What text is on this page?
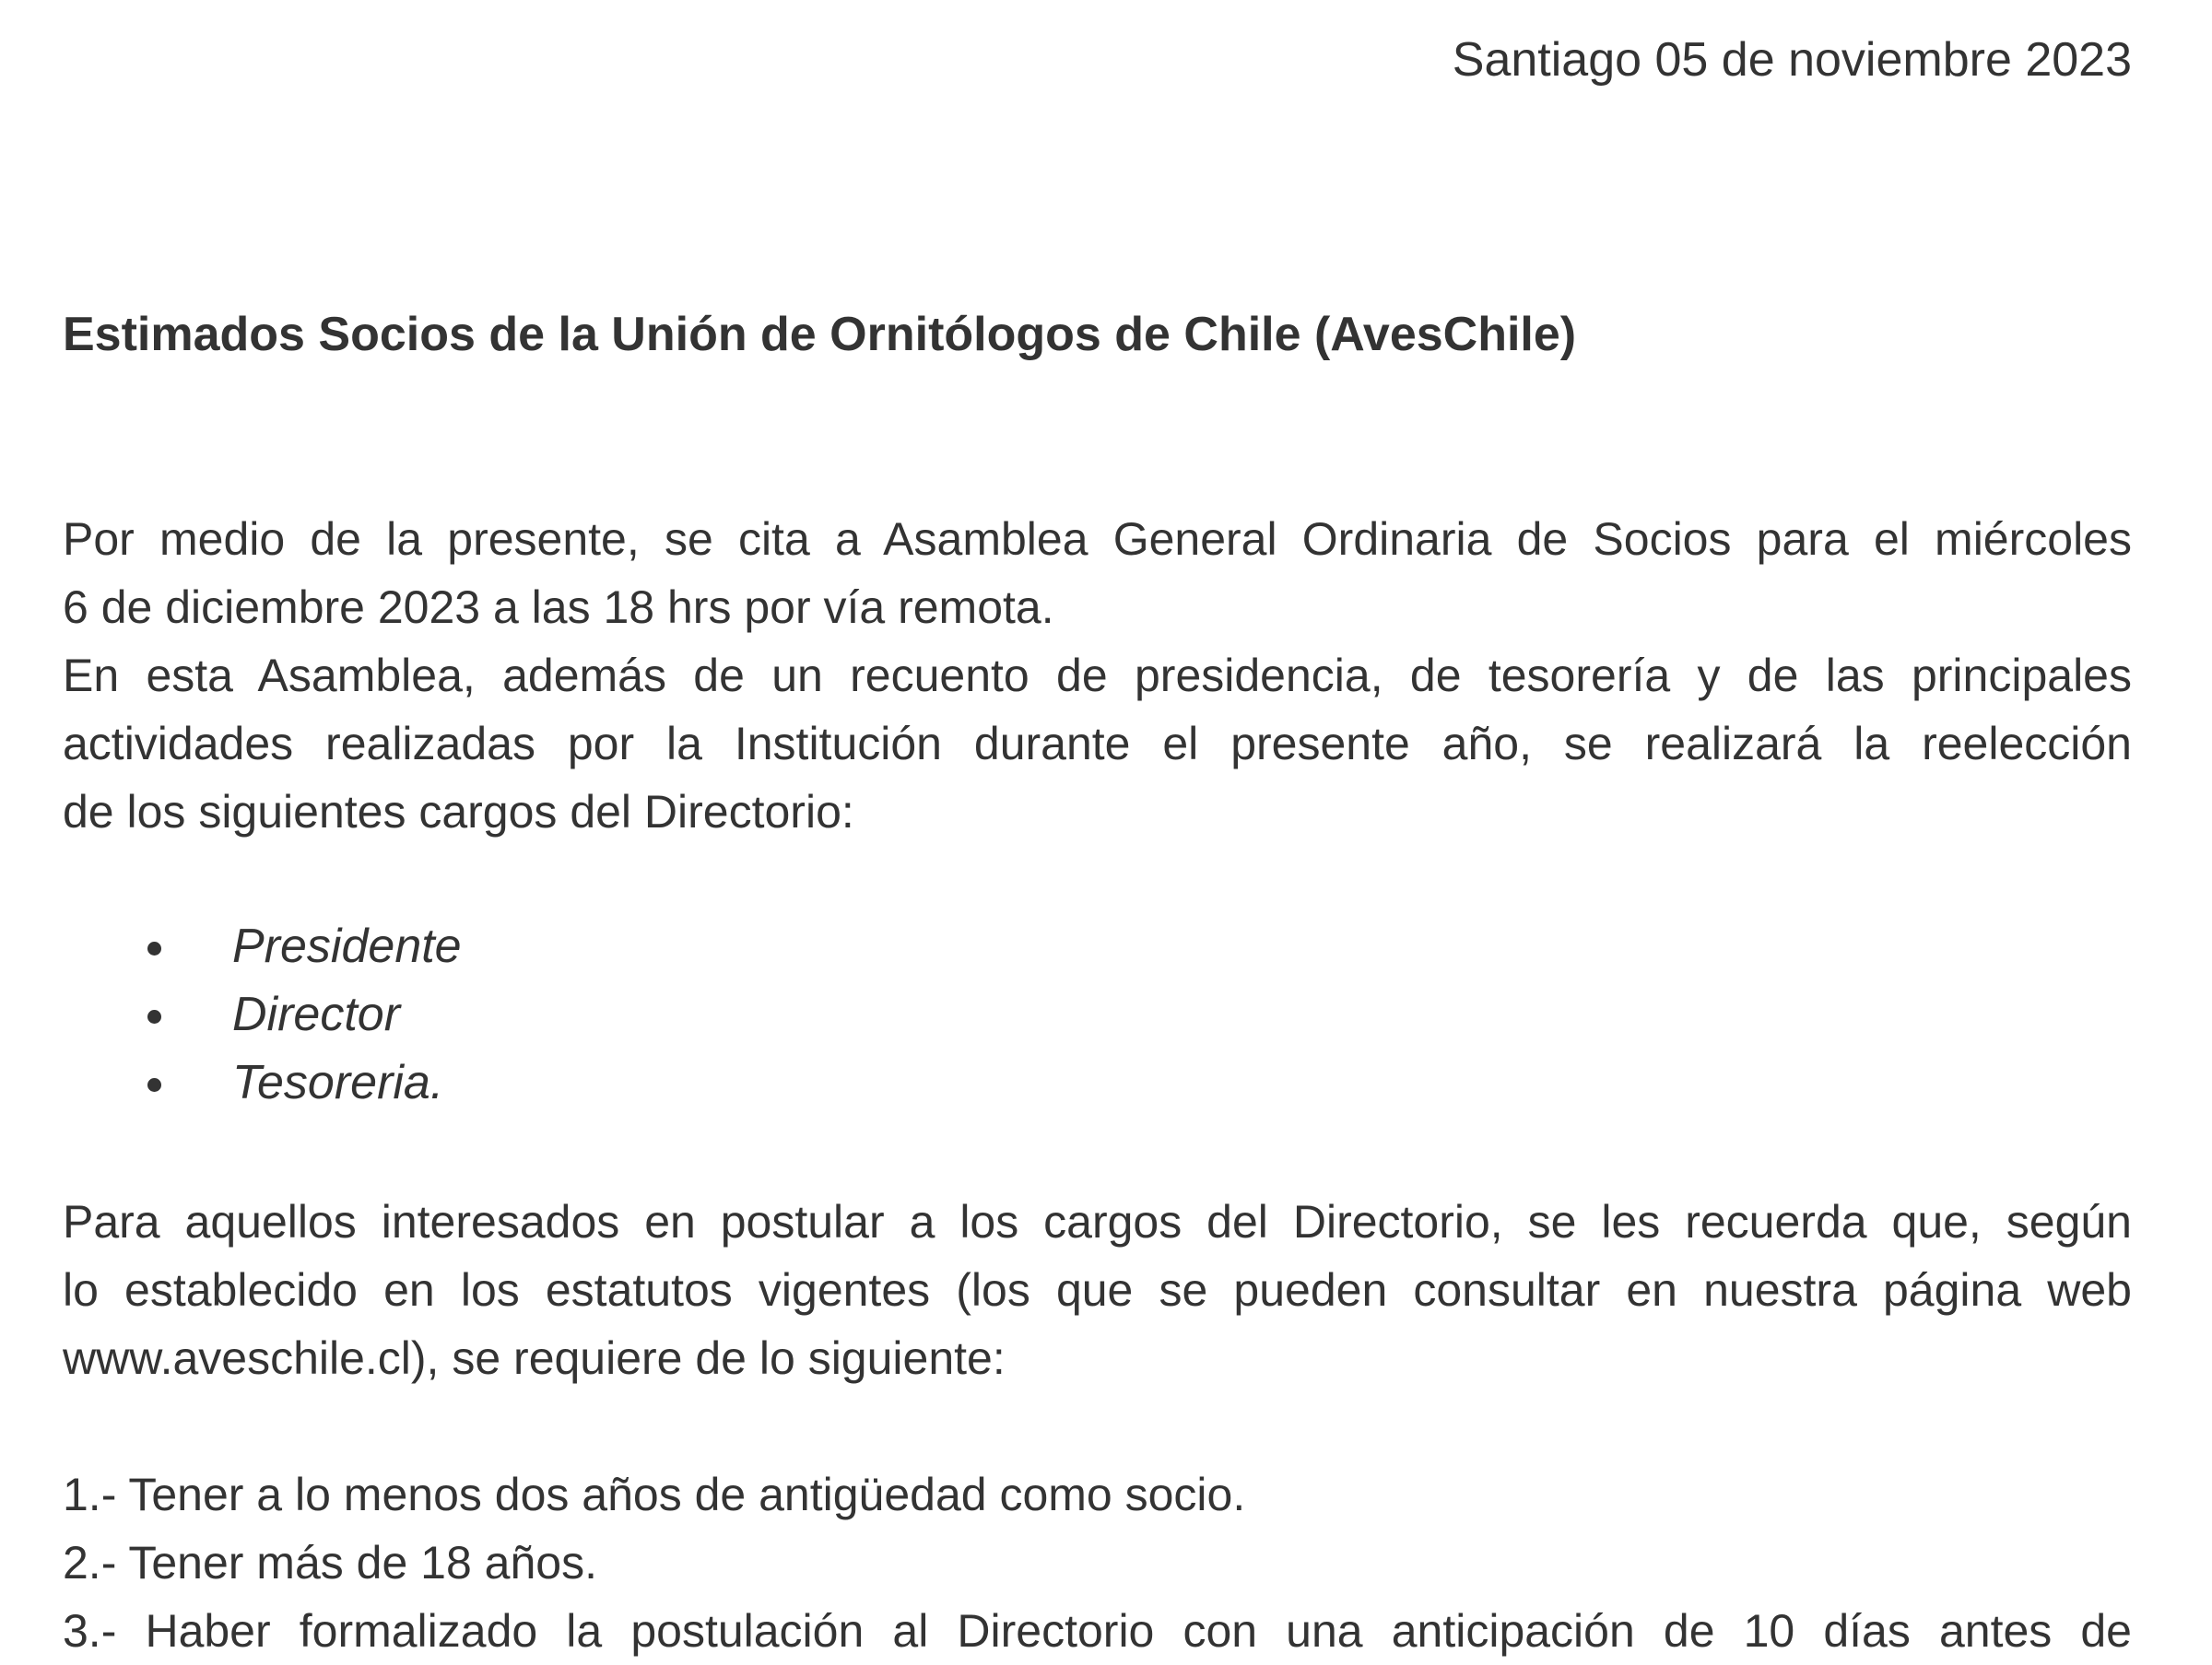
Santiago 05 de noviembre 2023
Estimados Socios de la Unión de Ornitólogos de Chile (AvesChile)
Por medio de la presente, se cita a Asamblea General Ordinaria de Socios para el miércoles
6 de diciembre 2023 a las 18 hrs por vía remota.
En esta Asamblea, además de un recuento de presidencia, de tesorería y de las principales
actividades realizadas por la Institución durante el presente año, se realizará la reelección
de los siguientes cargos del Directorio:
Presidente
Director
Tesoreria.
Para aquellos interesados en postular a los cargos del Directorio, se les recuerda que, según
lo establecido en los estatutos vigentes (los que se pueden consultar en nuestra página web
www.aveschile.cl), se requiere de lo siguiente:
1.- Tener a lo menos dos años de antigüedad como socio.
2.- Tener más de 18 años.
3.- Haber formalizado la postulación al Directorio con una anticipación de 10 días antes de
